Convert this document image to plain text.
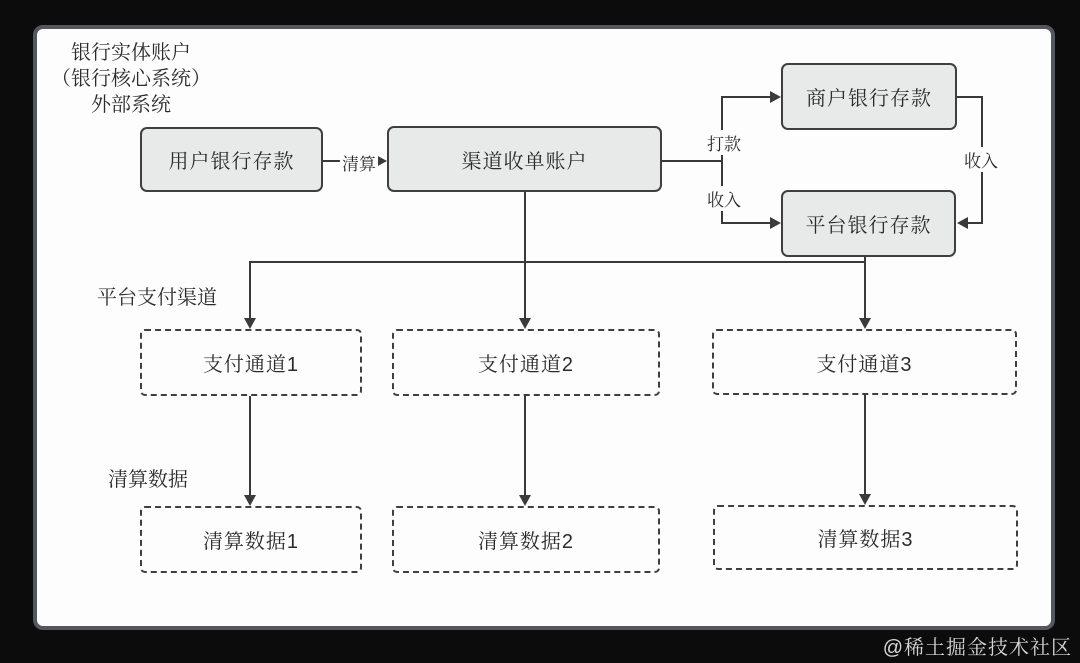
银行实体账户
（银行核心系统）
外部系统
平台支付渠道
清算数据
用户银行存款	渠道收单账户
商户银行存款
平台银行存款
支付通道1	支付通道2	支付通道3
清算数据1	清算数据2	清算数据3
清算
打款
收入
收入
@稀土掘金技术社区
